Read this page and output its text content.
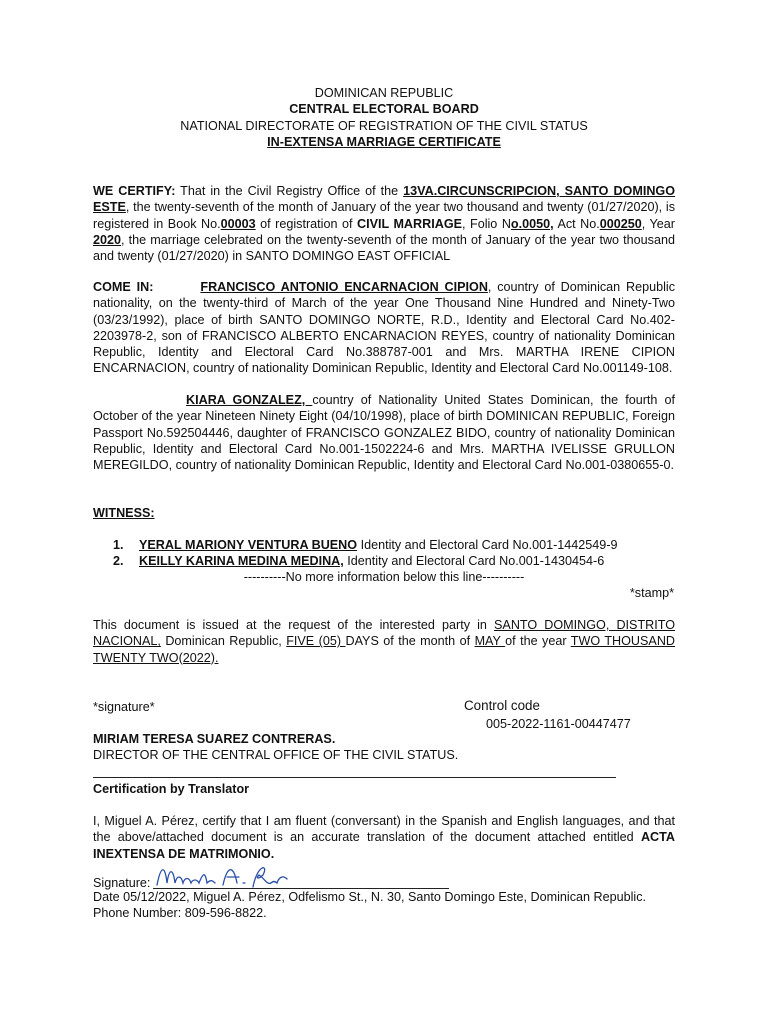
DOMINICAN REPUBLIC
CENTRAL ELECTORAL BOARD
NATIONAL DIRECTORATE OF REGISTRATION OF THE CIVIL STATUS
IN-EXTENSA MARRIAGE CERTIFICATE

WE CERTIFY: That in the Civil Registry Office of the 13VA.CIRCUNSCRIPCION, SANTO DOMINGO ESTE, the twenty-seventh of the month of January of the year two thousand and twenty (01/27/2020), is registered in Book No.00003 of registration of CIVIL MARRIAGE, Folio No.0050, Act No.000250, Year 2020, the marriage celebrated on the twenty-seventh of the month of January of the year two thousand and twenty (01/27/2020) in SANTO DOMINGO EAST OFFICIAL

COME IN:	FRANCISCO ANTONIO ENCARNACION CIPION, country of Dominican Republic nationality, on the twenty-third of March of the year One Thousand Nine Hundred and Ninety-Two (03/23/1992), place of birth SANTO DOMINGO NORTE, R.D., Identity and Electoral Card No.402-2203978-2, son of FRANCISCO ALBERTO ENCARNACION REYES, country of nationality Dominican Republic, Identity and Electoral Card No.388787-001 and Mrs. MARTHA IRENE CIPION ENCARNACION, country of nationality Dominican Republic, Identity and Electoral Card No.001149-108.

KIARA GONZALEZ, country of Nationality United States Dominican, the fourth of October of the year Nineteen Ninety Eight (04/10/1998), place of birth DOMINICAN REPUBLIC, Foreign Passport No.592504446, daughter of FRANCISCO GONZALEZ BIDO, country of nationality Dominican Republic, Identity and Electoral Card No.001-1502224-6 and Mrs. MARTHA IVELISSE GRULLON MEREGILDO, country of nationality Dominican Republic, Identity and Electoral Card No.001-0380655-0.

WITNESS:
1.	YERAL MARIONY VENTURA BUENO Identity and Electoral Card No.001-1442549-9
2.	KEILLY KARINA MEDINA MEDINA, Identity and Electoral Card No.001-1430454-6
----------No more information below this line----------
*stamp*

This document is issued at the request of the interested party in SANTO DOMINGO, DISTRITO NACIONAL, Dominican Republic, FIVE (05) DAYS of the month of MAY of the year TWO THOUSAND TWENTY TWO(2022).

*signature*	Control code
005-2022-1161-00447477
MIRIAM TERESA SUAREZ CONTRERAS.
DIRECTOR OF THE CENTRAL OFFICE OF THE CIVIL STATUS.
Certification by Translator

I, Miguel A. Pérez, certify that I am fluent (conversant) in the Spanish and English languages, and that the above/attached document is an accurate translation of the document attached entitled ACTA INEXTENSA DE MATRIMONIO.

Signature:
Date 05/12/2022, Miguel A. Pérez, Odfelismo St., N. 30, Santo Domingo Este, Dominican Republic.
Phone Number: 809-596-8822.
